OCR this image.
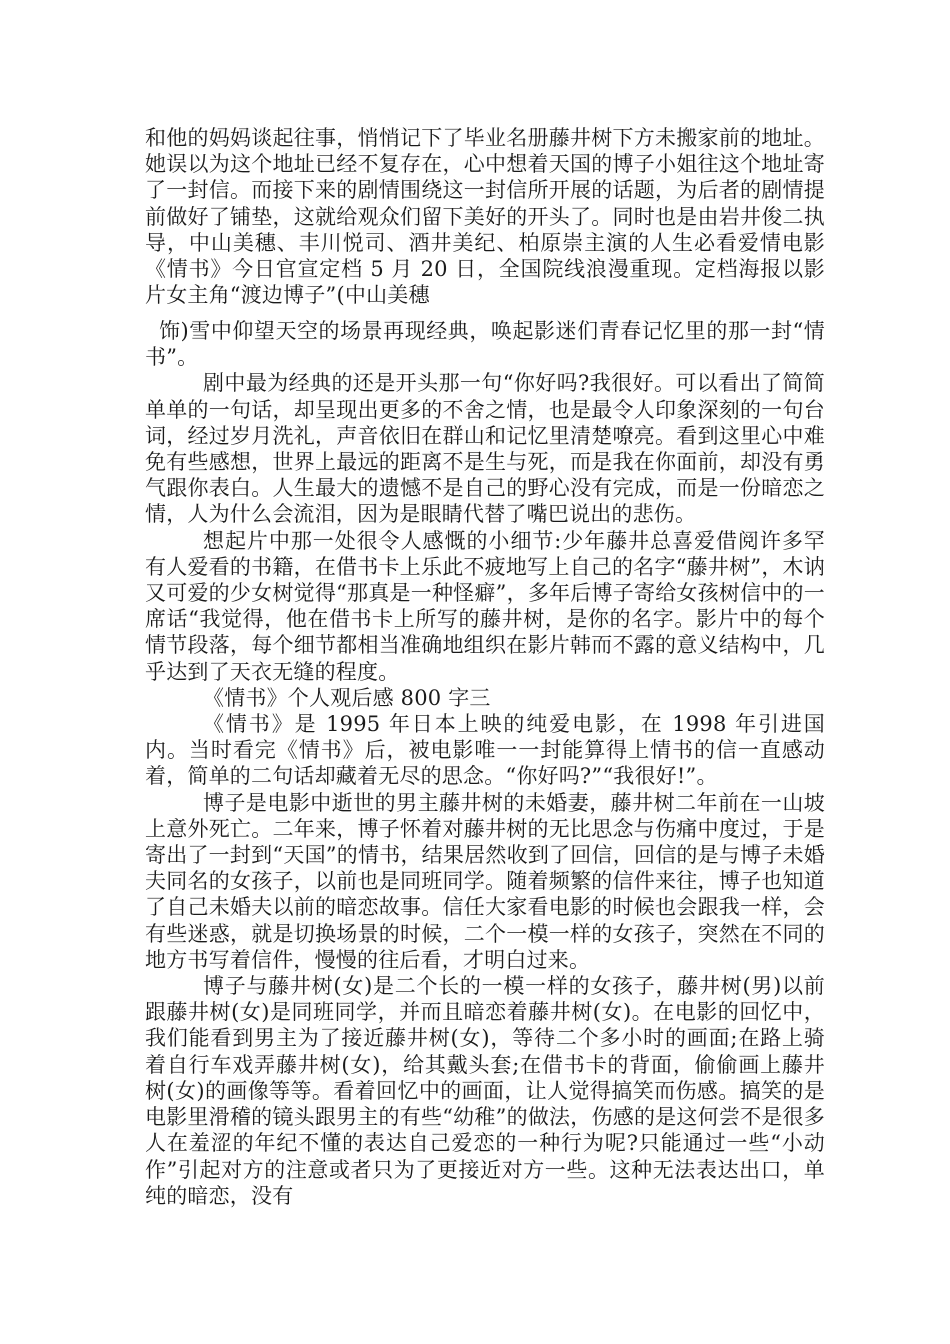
和他的妈妈谈起往事，悄悄记下了毕业名册藤井树下方未搬家前的地址。她误以为这个地址已经不复存在，心中想着天国的博子小姐往这个地址寄了一封信。而接下来的剧情围绕这一封信所开展的话题，为后者的剧情提前做好了铺垫，这就给观众们留下美好的开头了。同时也是由岩井俊二执导，中山美穗、丰川悦司、酒井美纪、柏原崇主演的人生必看爱情电影《情书》今日官宣定档 5 月 20 日，全国院线浪漫重现。定档海报以影片女主角“渡边博子”(中山美穗

饰)雪中仰望天空的场景再现经典，唤起影迷们青春记忆里的那一封“情书”。

剧中最为经典的还是开头那一句“你好吗?我很好。可以看出了简简单单的一句话，却呈现出更多的不舍之情，也是最令人印象深刻的一句台词，经过岁月洗礼，声音依旧在群山和记忆里清楚嘹亮。看到这里心中难免有些感想，世界上最远的距离不是生与死，而是我在你面前，却没有勇气跟你表白。人生最大的遗憾不是自己的野心没有完成，而是一份暗恋之情，人为什么会流泪，因为是眼睛代替了嘴巴说出的悲伤。

想起片中那一处很令人感慨的小细节:少年藤井总喜爱借阅许多罕有人爱看的书籍，在借书卡上乐此不疲地写上自己的名字“藤井树”，木讷又可爱的少女树觉得“那真是一种怪癖”，多年后博子寄给女孩树信中的一席话“我觉得，他在借书卡上所写的藤井树，是你的名字。影片中的每个情节段落，每个细节都相当准确地组织在影片韩而不露的意义结构中，几乎达到了天衣无缝的程度。

《情书》个人观后感 800 字三

《情书》是 1995 年日本上映的纯爱电影，在 1998 年引进国内。当时看完《情书》后，被电影唯一一封能算得上情书的信一直感动着，简单的二句话却藏着无尽的思念。“你好吗?”“我很好!”。

博子是电影中逝世的男主藤井树的未婚妻，藤井树二年前在一山坡上意外死亡。二年来，博子怀着对藤井树的无比思念与伤痛中度过，于是寄出了一封到“天国”的情书，结果居然收到了回信，回信的是与博子未婚夫同名的女孩子，以前也是同班同学。随着频繁的信件来往，博子也知道了自己未婚夫以前的暗恋故事。信任大家看电影的时候也会跟我一样，会有些迷惑，就是切换场景的时候，二个一模一样的女孩子，突然在不同的地方书写着信件，慢慢的往后看，才明白过来。

博子与藤井树(女)是二个长的一模一样的女孩子，藤井树(男)以前跟藤井树(女)是同班同学，并而且暗恋着藤井树(女)。在电影的回忆中，我们能看到男主为了接近藤井树(女)，等待二个多小时的画面;在路上骑着自行车戏弄藤井树(女)，给其戴头套;在借书卡的背面，偷偷画上藤井树(女)的画像等等。看着回忆中的画面，让人觉得搞笑而伤感。搞笑的是电影里滑稽的镜头跟男主的有些“幼稚”的做法，伤感的是这何尝不是很多人在羞涩的年纪不懂的表达自己爱恋的一种行为呢?只能通过一些“小动作”引起对方的注意或者只为了更接近对方一些。这种无法表达出口，单纯的暗恋，没有
